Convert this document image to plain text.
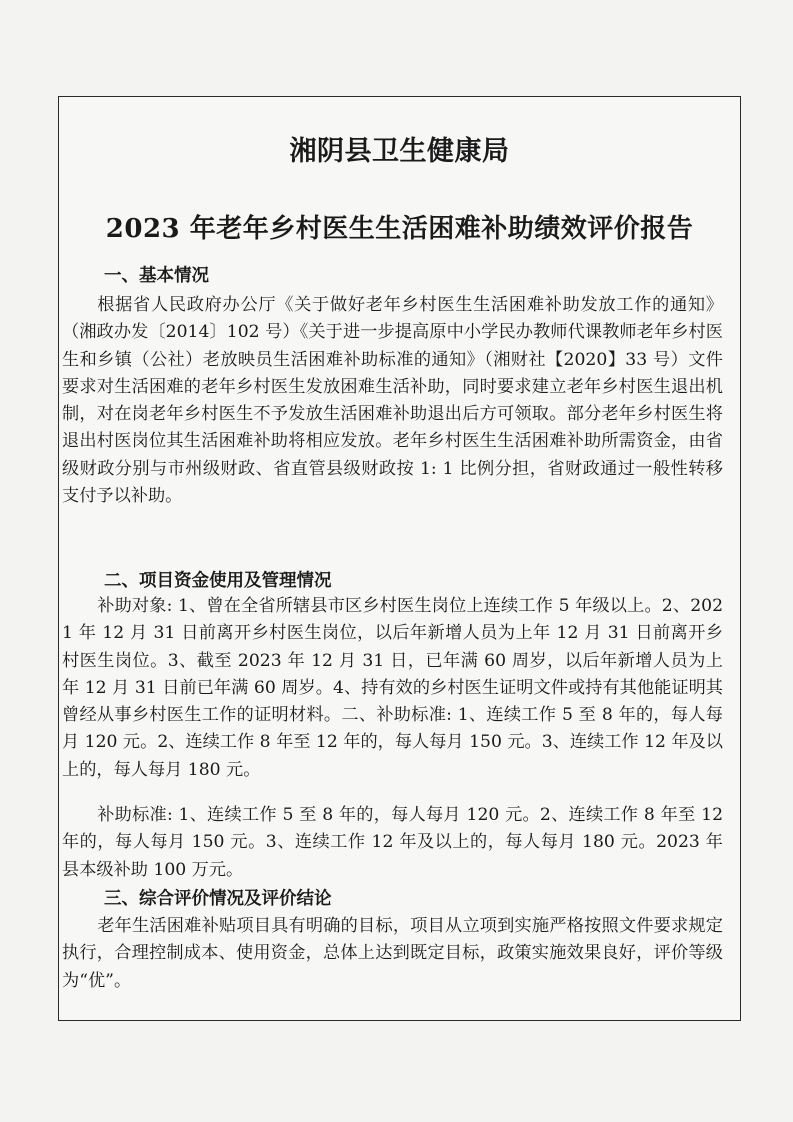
湘阴县卫生健康局
2023 年老年乡村医生生活困难补助绩效评价报告
一、基本情况

根据省人民政府办公厅《关于做好老年乡村医生生活困难补助发放工作的通知》（湘政办发〔2014〕102 号）《关于进一步提高原中小学民办教师代课教师老年乡村医生和乡镇（公社）老放映员生活困难补助标准的通知》（湘财社【2020】33 号）文件要求对生活困难的老年乡村医生发放困难生活补助，同时要求建立老年乡村医生退出机制，对在岗老年乡村医生不予发放生活困难补助退出后方可领取。部分老年乡村医生将退出村医岗位其生活困难补助将相应发放。老年乡村医生生活困难补助所需资金，由省级财政分别与市州级财政、省直管县级财政按 1: 1 比例分担，省财政通过一般性转移支付予以补助。

二、项目资金使用及管理情况

补助对象: 1、曾在全省所辖县市区乡村医生岗位上连续工作 5 年级以上。2、2021 年 12 月 31 日前离开乡村医生岗位，以后年新增人员为上年 12 月 31 日前离开乡村医生岗位。3、截至 2023 年 12 月 31 日，已年满 60 周岁，以后年新增人员为上年 12 月 31 日前已年满 60 周岁。4、持有效的乡村医生证明文件或持有其他能证明其曾经从事乡村医生工作的证明材料。二、补助标准: 1、连续工作 5 至 8 年的，每人每月 120 元。2、连续工作 8 年至 12 年的，每人每月 150 元。3、连续工作 12 年及以上的，每人每月 180 元。

补助标准: 1、连续工作 5 至 8 年的，每人每月 120 元。2、连续工作 8 年至 12 年的，每人每月 150 元。3、连续工作 12 年及以上的，每人每月 180 元。2023 年县本级补助 100 万元。

三、综合评价情况及评价结论

老年生活困难补贴项目具有明确的目标，项目从立项到实施严格按照文件要求规定执行，合理控制成本、使用资金，总体上达到既定目标，政策实施效果良好，评价等级为“优”。
